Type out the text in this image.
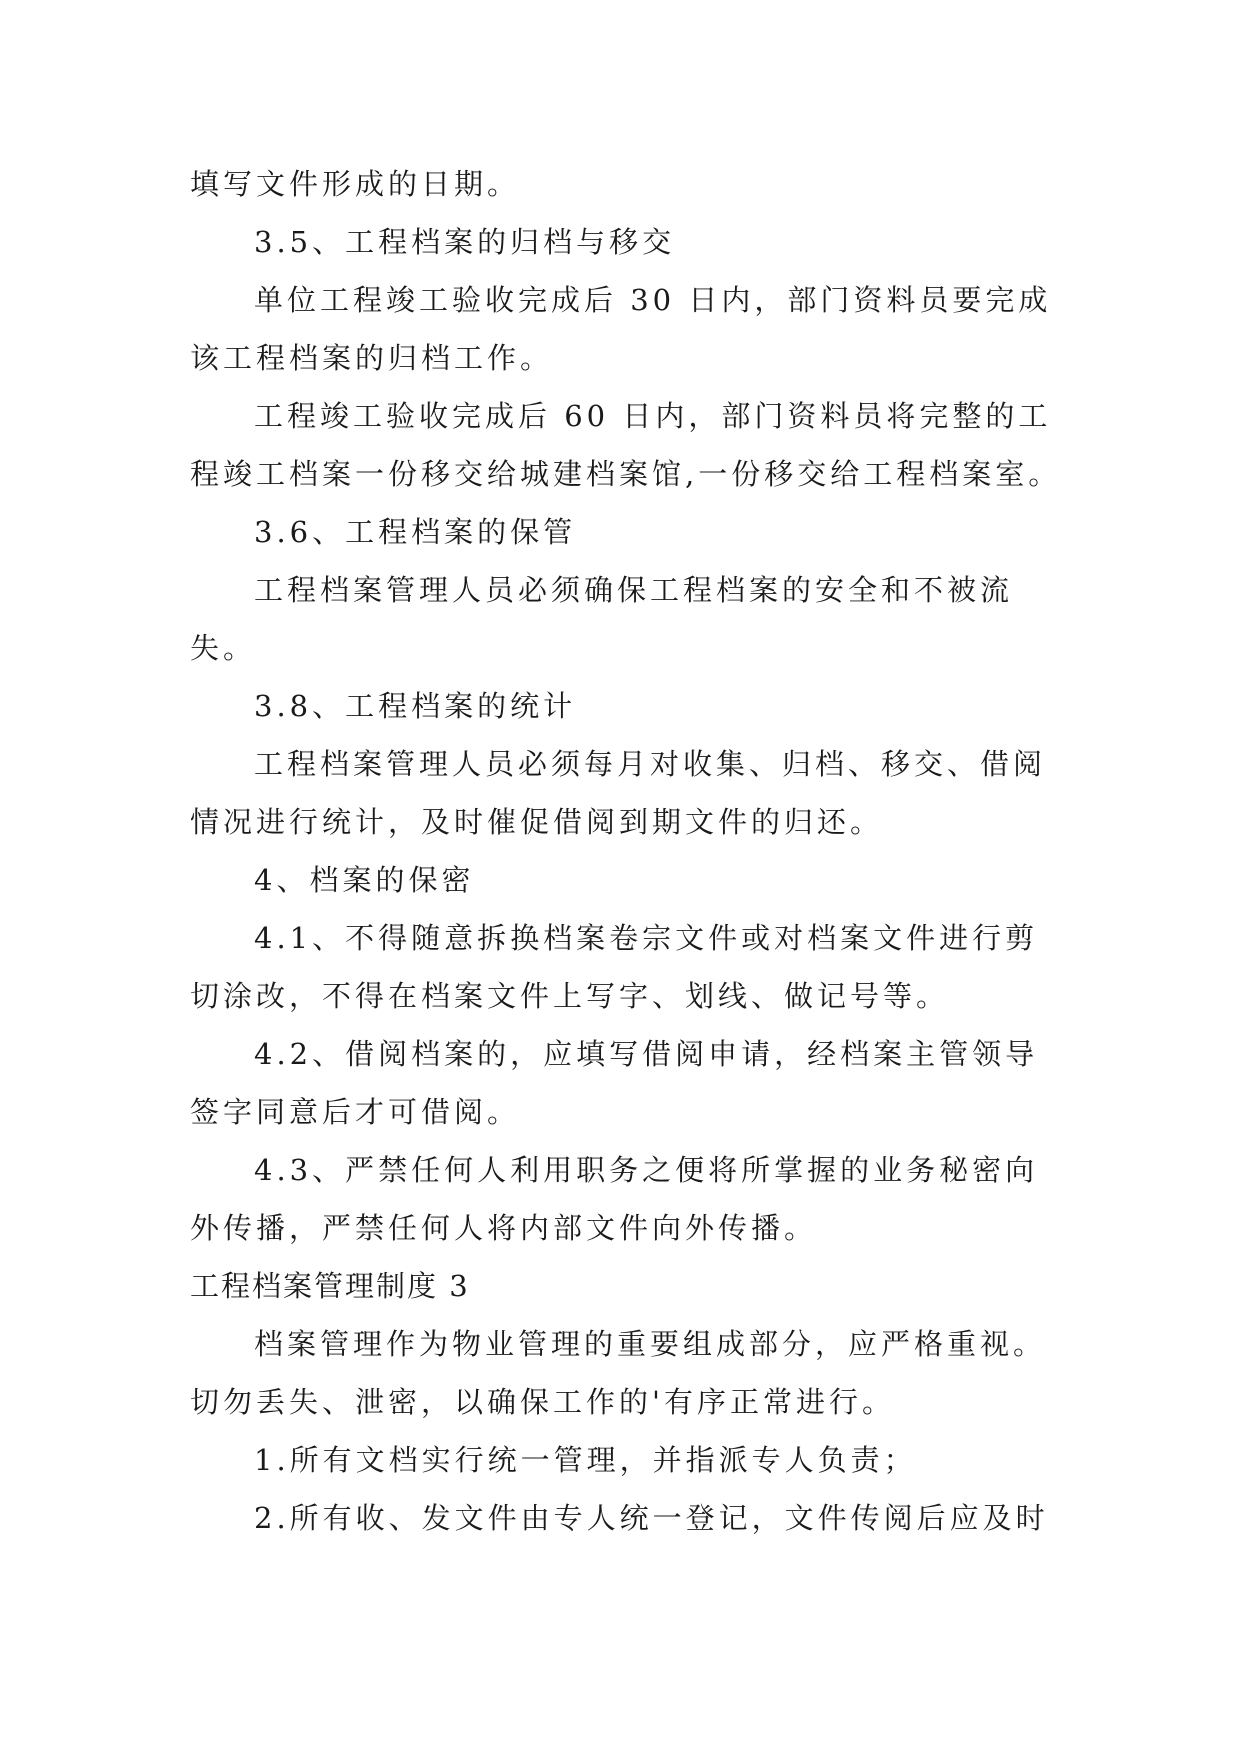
填写文件形成的日期。
3.5、工程档案的归档与移交
单位工程竣工验收完成后 30 日内，部门资料员要完成
该工程档案的归档工作。
工程竣工验收完成后 60 日内，部门资料员将完整的工
程竣工档案一份移交给城建档案馆,一份移交给工程档案室。
3.6、工程档案的保管
工程档案管理人员必须确保工程档案的安全和不被流
失。
3.8、工程档案的统计
工程档案管理人员必须每月对收集、归档、移交、借阅
情况进行统计，及时催促借阅到期文件的归还。
4、档案的保密
4.1、不得随意拆换档案卷宗文件或对档案文件进行剪
切涂改，不得在档案文件上写字、划线、做记号等。
4.2、借阅档案的，应填写借阅申请，经档案主管领导
签字同意后才可借阅。
4.3、严禁任何人利用职务之便将所掌握的业务秘密向
外传播，严禁任何人将内部文件向外传播。
工程档案管理制度 3
档案管理作为物业管理的重要组成部分，应严格重视。
切勿丢失、泄密，以确保工作的'有序正常进行。
1.所有文档实行统一管理，并指派专人负责；
2.所有收、发文件由专人统一登记，文件传阅后应及时
